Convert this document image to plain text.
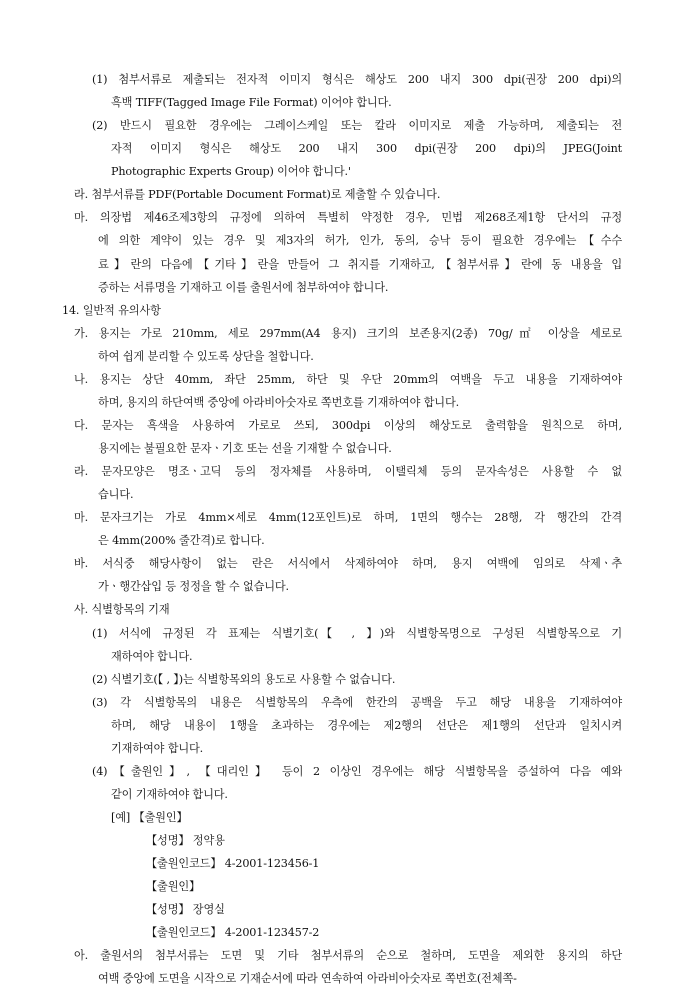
(1) 첨부서류로 제출되는 전자적 이미지 형식은 해상도 200 내지 300 dpi(권장 200 dpi)의
흑백 TIFF(Tagged Image File Format) 이어야 합니다.
(2) 반드시 필요한 경우에는 그레이스케일 또는 칼라 이미지로 제출 가능하며, 제출되는 전
자적 이미지 형식은 해상도 200 내지 300 dpi(권장 200 dpi)의 JPEG(Joint
Photographic Experts Group) 이어야 합니다.'
라. 첨부서류를 PDF(Portable Document Format)로 제출할 수 있습니다.
마. 의장법 제46조제3항의 규정에 의하여 특별히 약정한 경우, 민법 제268조제1항 단서의 규정
에 의한 계약이 있는 경우 및 제3자의 허가, 인가, 동의, 승낙 등이 필요한 경우에는【수수
료】란의 다음에【기타】란을 만들어 그 취지를 기재하고,【첨부서류】란에 동 내용을 입
증하는 서류명을 기재하고 이를 출원서에 첨부하여야 합니다.
14. 일반적 유의사항
가. 용지는 가로 210mm, 세로 297mm(A4 용지) 크기의 보존용지(2종) 70g/㎡ 이상을 세로로
하여 쉽게 분리할 수 있도록 상단을 철합니다.
나. 용지는 상단 40mm, 좌단 25mm, 하단 및 우단 20mm의 여백을 두고 내용을 기재하여야
하며, 용지의 하단여백 중앙에 아라비아숫자로 쪽번호를 기재하여야 합니다.
다. 문자는 흑색을 사용하여 가로로 쓰되, 300dpi 이상의 해상도로 출력함을 원칙으로 하며,
용지에는 불필요한 문자ㆍ기호 또는 선을 기재할 수 없습니다.
라. 문자모양은 명조ㆍ고딕 등의 정자체를 사용하며, 이탤릭체 등의 문자속성은 사용할 수 없
습니다.
마. 문자크기는 가로 4mm×세로 4mm(12포인트)로 하며, 1면의 행수는 28행, 각 행간의 간격
은 4mm(200% 줄간격)로 합니다.
바. 서식중 해당사항이 없는 란은 서식에서 삭제하여야 하며, 용지 여백에 임의로 삭제ㆍ추
가ㆍ행간삽입 등 정정을 할 수 없습니다.
사. 식별항목의 기재
(1) 서식에 규정된 각 표제는 식별기호(【 , 】)와 식별항목명으로 구성된 식별항목으로 기
재하여야 합니다.
(2) 식별기호(【 , 】)는 식별항목외의 용도로 사용할 수 없습니다.
(3) 각 식별항목의 내용은 식별항목의 우측에 한칸의 공백을 두고 해당 내용을 기재하여야
하며, 해당 내용이 1행을 초과하는 경우에는 제2행의 선단은 제1행의 선단과 일치시켜
기재하여야 합니다.
(4)【출원인】, 【대리인】 등이 2 이상인 경우에는 해당 식별항목을 증설하여 다음 예와
같이 기재하여야 합니다.
[예] 【출원인】
【성명】 정약용
【출원인코드】 4-2001-123456-1
【출원인】
【성명】 장영실
【출원인코드】 4-2001-123457-2
아. 출원서의 첨부서류는 도면 및 기타 첨부서류의 순으로 철하며, 도면을 제외한 용지의 하단
여백 중앙에 도면을 시작으로 기재순서에 따라 연속하여 아라비아숫자로 쪽번호(전체쪽-
